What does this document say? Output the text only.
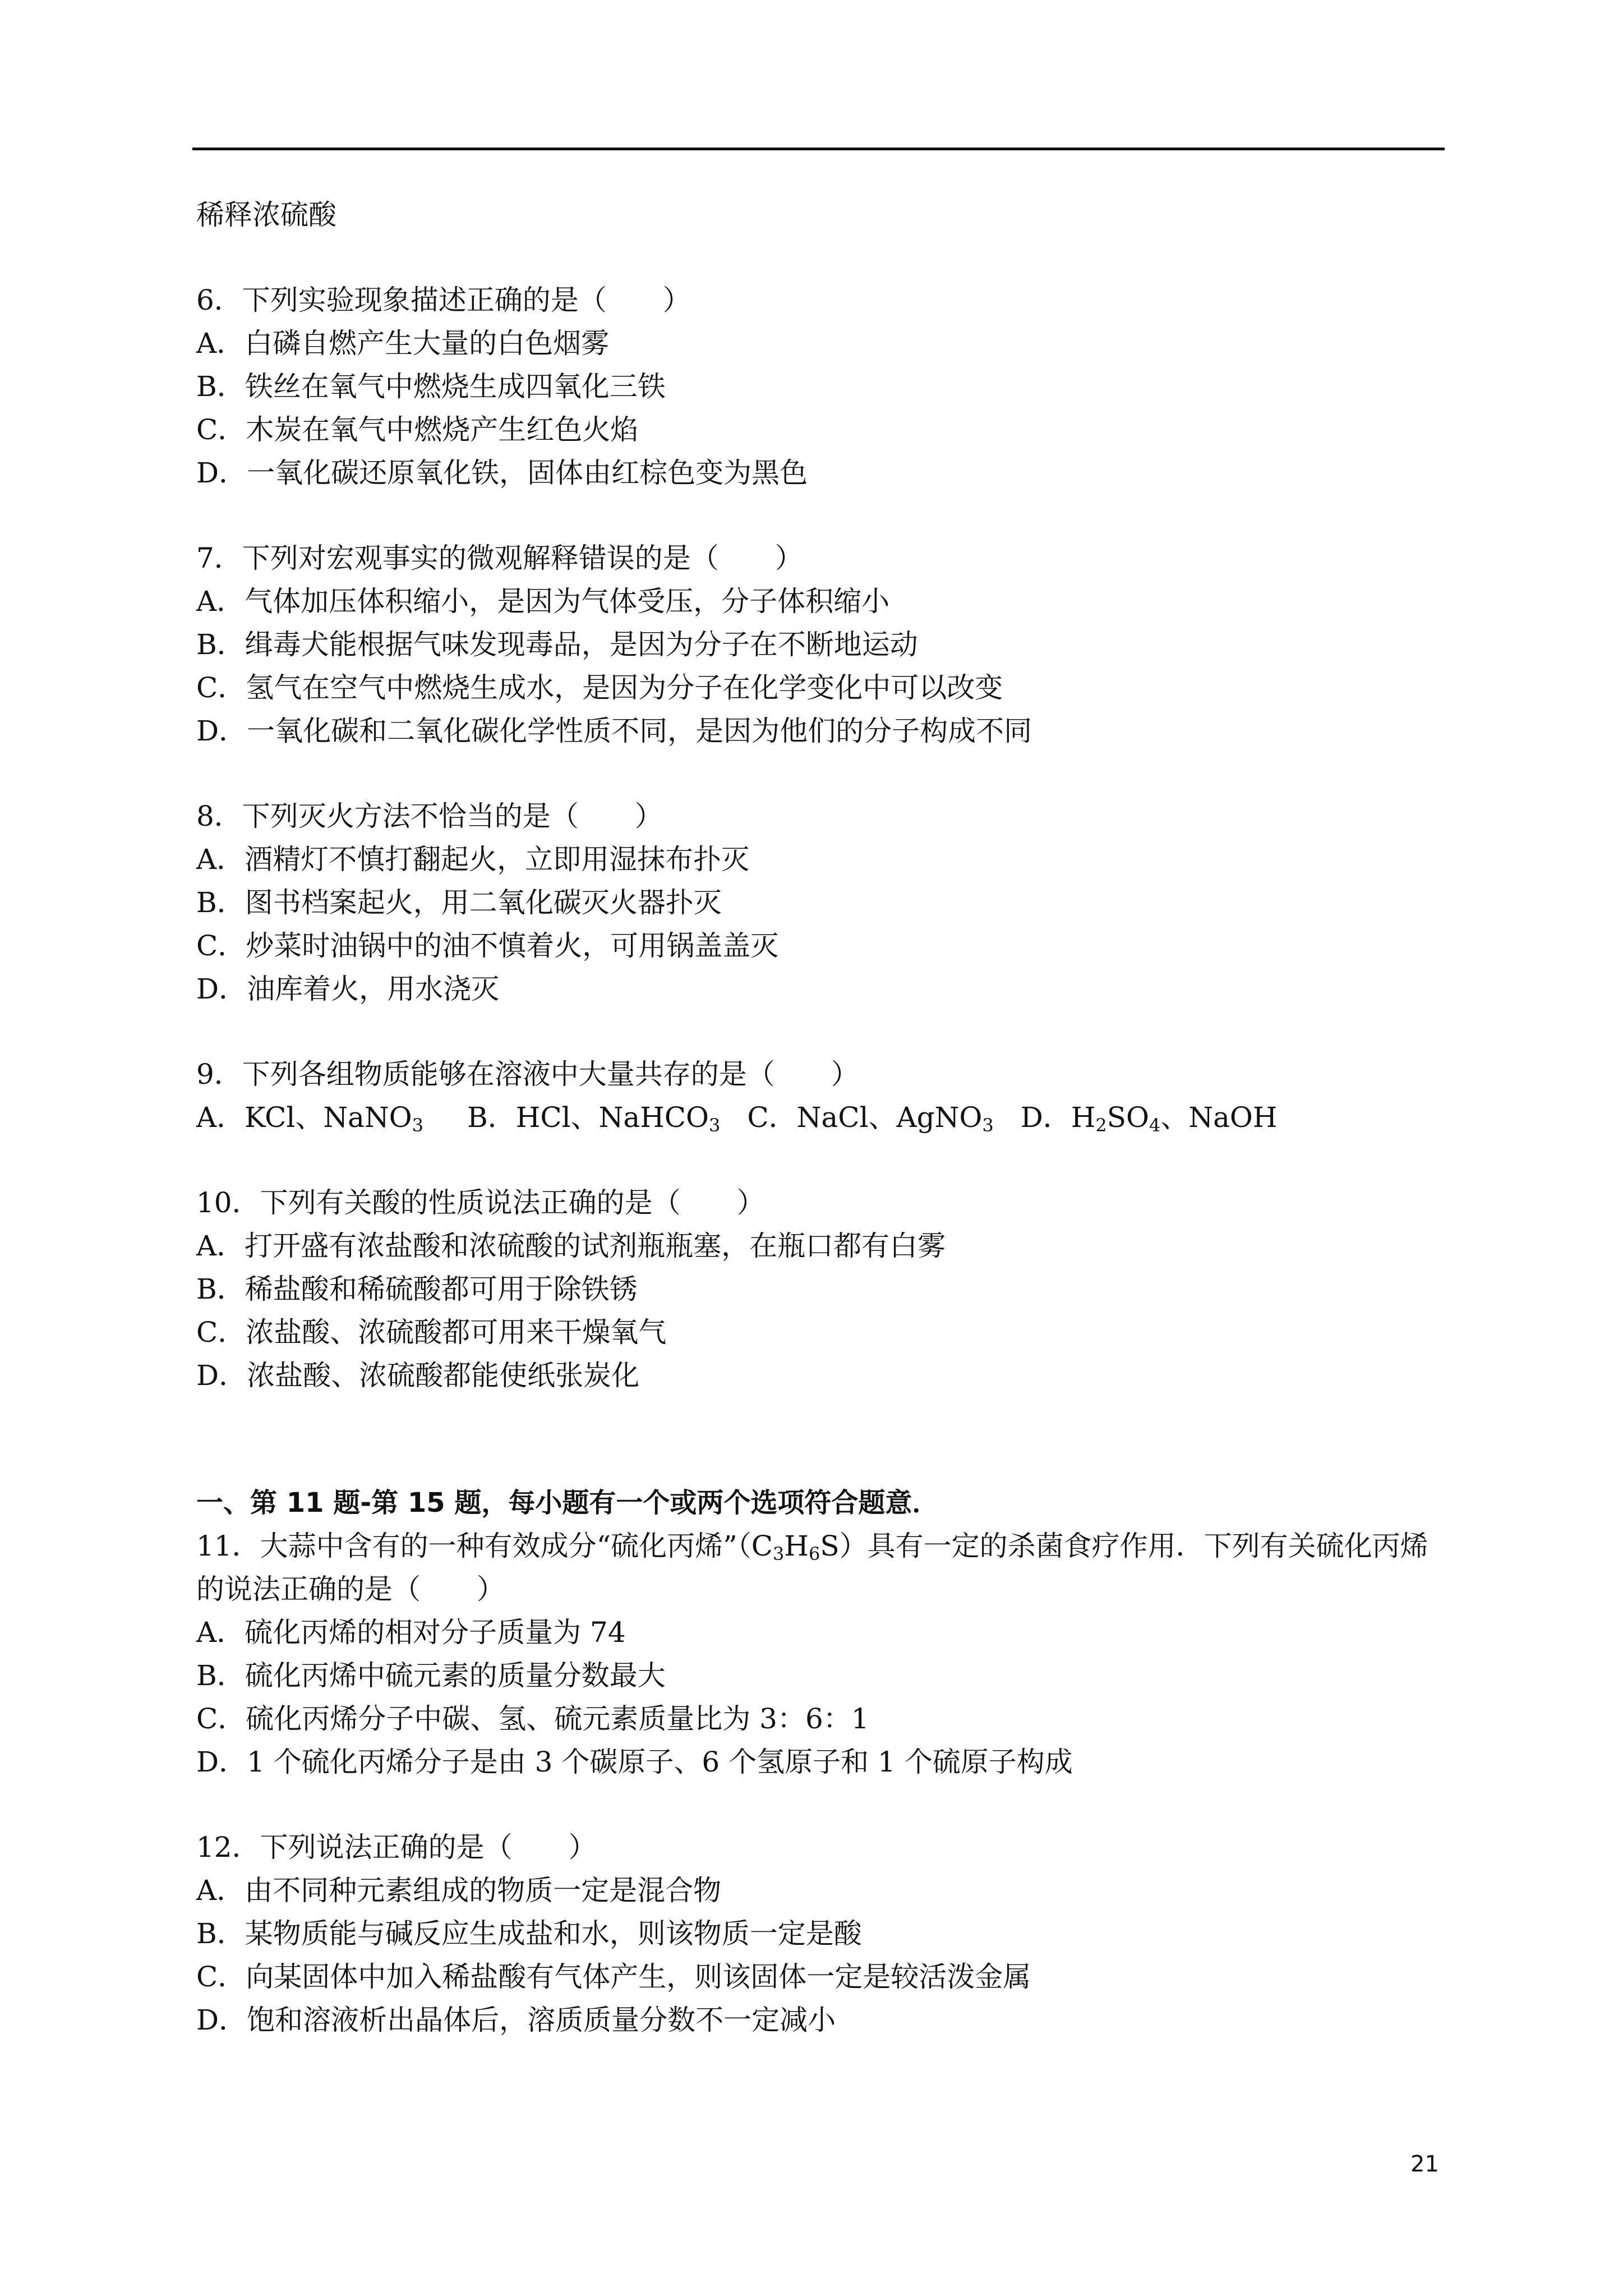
稀释浓硫酸
6．下列实验现象描述正确的是（　　）
A．白磷自燃产生大量的白色烟雾
B．铁丝在氧气中燃烧生成四氧化三铁
C．木炭在氧气中燃烧产生红色火焰
D．一氧化碳还原氧化铁，固体由红棕色变为黑色
7．下列对宏观事实的微观解释错误的是（　　）
A．气体加压体积缩小，是因为气体受压，分子体积缩小
B．缉毒犬能根据气味发现毒品，是因为分子在不断地运动
C．氢气在空气中燃烧生成水，是因为分子在化学变化中可以改变
D．一氧化碳和二氧化碳化学性质不同，是因为他们的分子构成不同
8．下列灭火方法不恰当的是（　　）
A．酒精灯不慎打翻起火，立即用湿抹布扑灭
B．图书档案起火，用二氧化碳灭火器扑灭
C．炒菜时油锅中的油不慎着火，可用锅盖盖灭
D．油库着火，用水浇灭
9．下列各组物质能够在溶液中大量共存的是（　　）
A．KCl、NaNO$_3$ B．HCl、NaHCO$_3$ C．NaCl、AgNO$_3$ D．$H_2SO_4$、NaOH
10．下列有关酸的性质说法正确的是（　　）
A．打开盛有浓盐酸和浓硫酸的试剂瓶瓶塞，在瓶口都有白雾
B．稀盐酸和稀硫酸都可用于除铁锈
C．浓盐酸、浓硫酸都可用来干燥氧气
D．浓盐酸、浓硫酸都能使纸张炭化
一、第 11 题-第 15 题，每小题有一个或两个选项符合题意．
11．大蒜中含有的一种有效成分“硫化丙烯$”(C_3H_6S)$具有一定的杀菌食疗作用．下列有关硫化丙烯
的说法正确的是（　　）
A．硫化丙烯的相对分子质量为 74
B．硫化丙烯中硫元素的质量分数最大
C．硫化丙烯分子中碳、氢、硫元素质量比为 3：6：1
D．1 个硫化丙烯分子是由 3 个碳原子、6 个氢原子和 1 个硫原子构成
12．下列说法正确的是（　　）
A．由不同种元素组成的物质一定是混合物
B．某物质能与碱反应生成盐和水，则该物质一定是酸
C．向某固体中加入稀盐酸有气体产生，则该固体一定是较活泼金属
D．饱和溶液析出晶体后，溶质质量分数不一定减小
21
